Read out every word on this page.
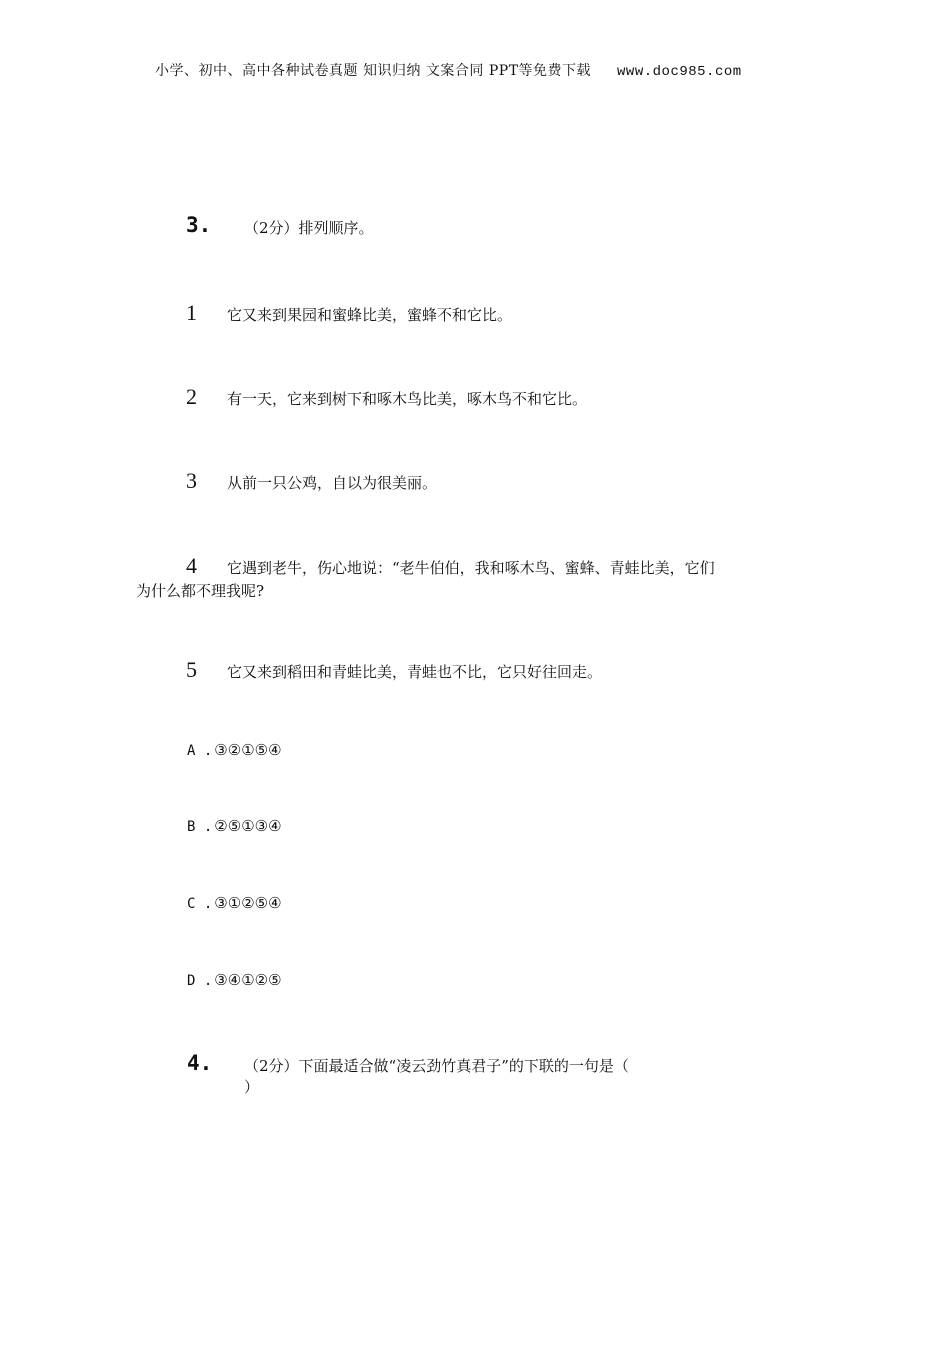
小学、初中、高中各种试卷真题 知识归纳 文案合同 PPT等免费下载 www.doc985.com
3. （2分）排列顺序。
1 它又来到果园和蜜蜂比美，蜜蜂不和它比。
2 有一天，它来到树下和啄木鸟比美，啄木鸟不和它比。
3 从前一只公鸡，自以为很美丽。
4 它遇到老牛，伤心地说：“老牛伯伯，我和啄木鸟、蜜蜂、青蛙比美，它们
为什么都不理我呢?
5 它又来到稻田和青蛙比美，青蛙也不比，它只好往回走。
A . ③②①⑤④
B . ②⑤①③④
C . ③①②⑤④
D . ③④①②⑤
4. （2分）下面最适合做“凌云劲竹真君子”的下联的一句是（
）
